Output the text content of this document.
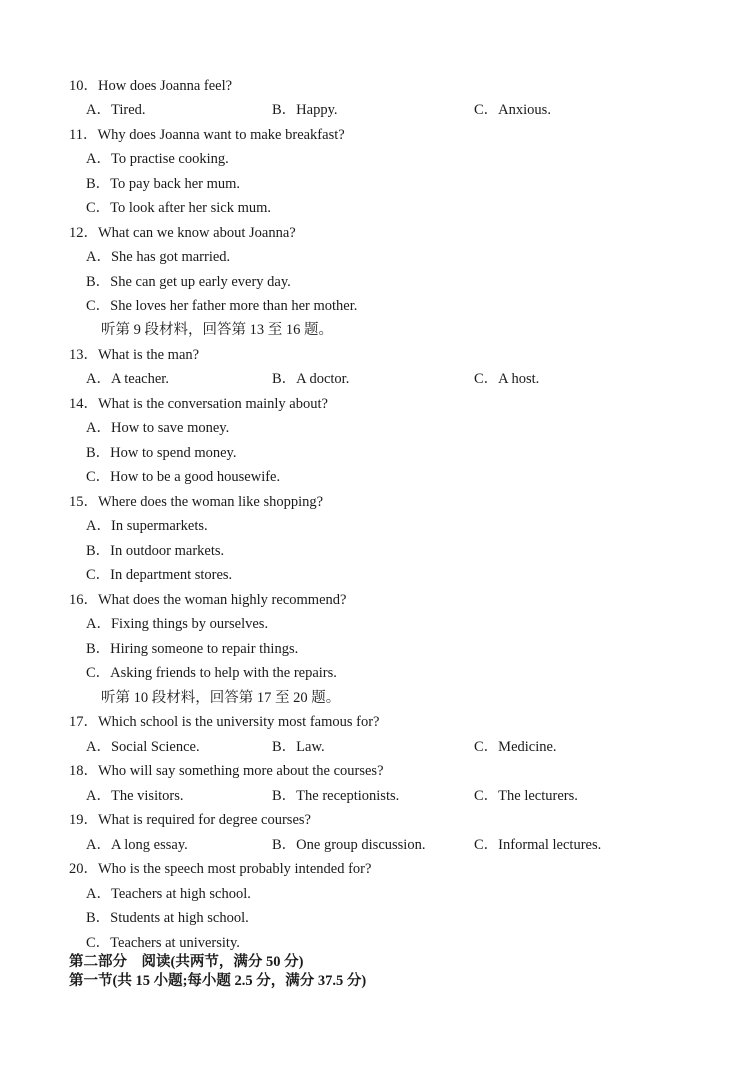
10．How does Joanna feel?
A．Tired.	B．Happy.	C．Anxious.
11．Why does Joanna want to make breakfast?
A．To practise cooking.
B．To pay back her mum.
C．To look after her sick mum.
12．What can we know about Joanna?
A．She has got married.
B．She can get up early every day.
C．She loves her father more than her mother.
听第 9 段材料，回答第 13 至 16 题。
13．What is the man?
A．A teacher.	B．A doctor.	C．A host.
14．What is the conversation mainly about?
A．How to save money.
B．How to spend money.
C．How to be a good housewife.
15．Where does the woman like shopping?
A．In supermarkets.
B．In outdoor markets.
C．In department stores.
16．What does the woman highly recommend?
A．Fixing things by ourselves.
B．Hiring someone to repair things.
C．Asking friends to help with the repairs.
听第 10 段材料，回答第 17 至 20 题。
17．Which school is the university most famous for?
A．Social Science.	B．Law.	C．Medicine.
18．Who will say something more about the courses?
A．The visitors.	B．The receptionists.	C．The lecturers.
19．What is required for degree courses?
A．A long essay.	B．One group discussion.	C．Informal lectures.
20．Who is the speech most probably intended for?
A．Teachers at high school.
B．Students at high school.
C．Teachers at university.
第二部分　阅读(共两节，满分 50 分)
第一节(共 15 小题;每小题 2.5 分，满分 37.5 分)
